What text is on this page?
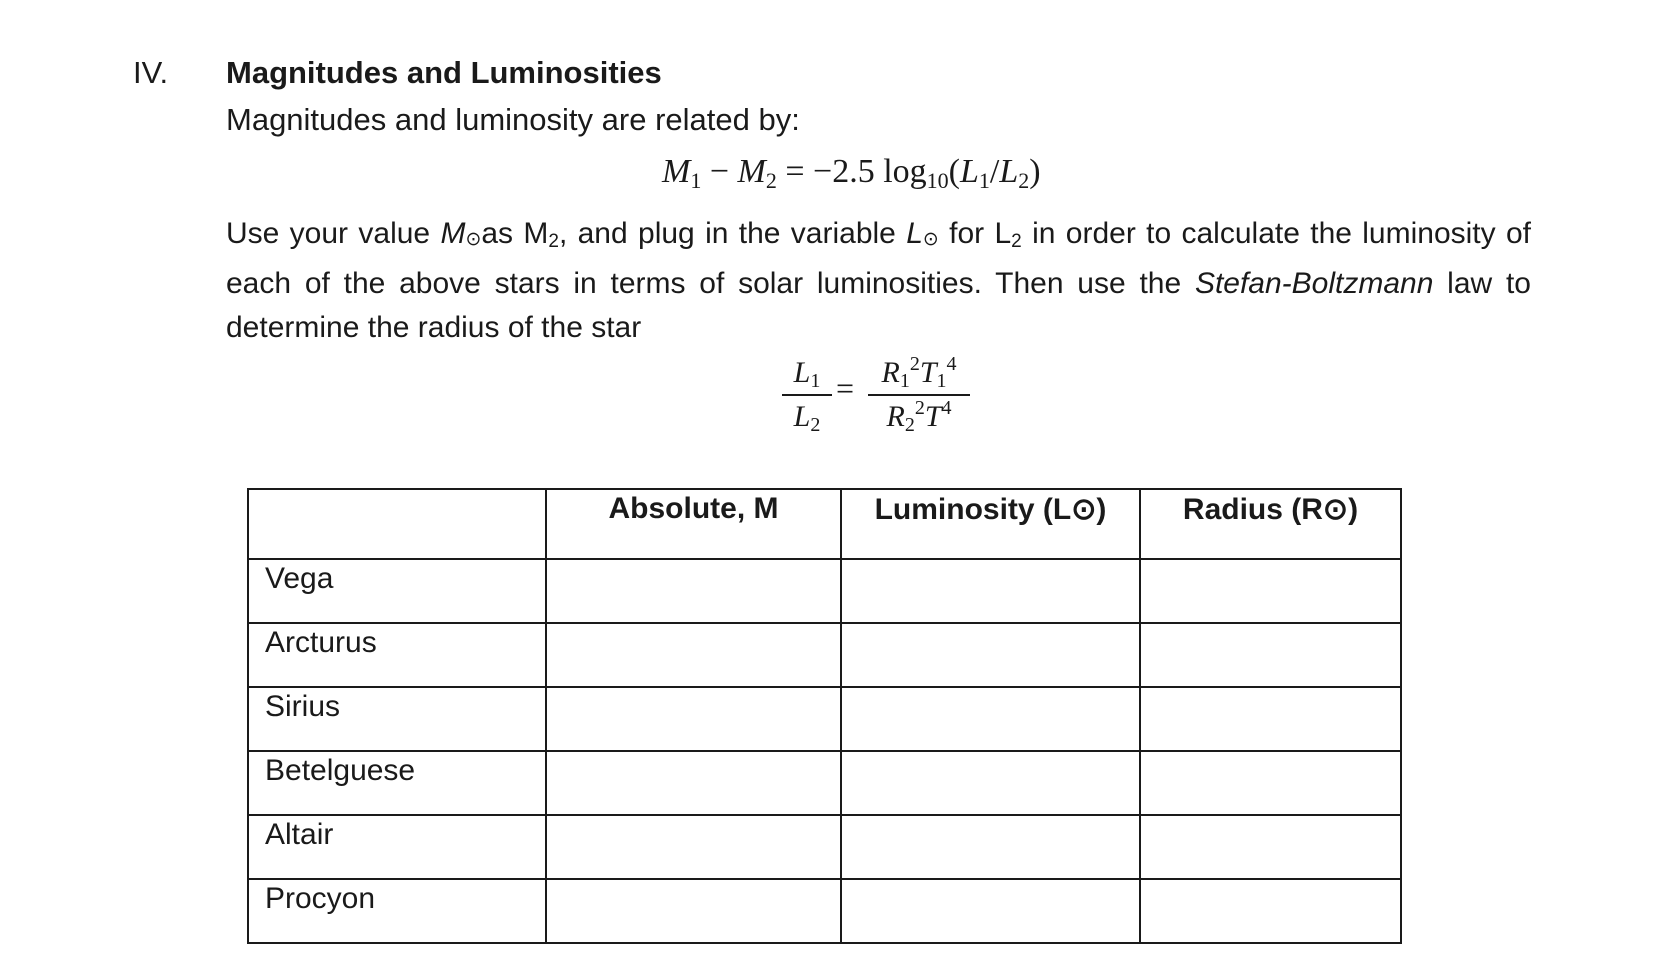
IV. Magnitudes and Luminosities
Magnitudes and luminosity are related by:
$M_1 - M_2 = -2.5$ $\log_{10}(L_1/L_2)$
Use your value M⊙as $M_2$, and plug in the variable L⊙ for $L_2$ in order to calculate the luminosity of each of the above stars in terms of solar luminosities. Then use the Stefan-Boltzmann law to determine the radius of the star
$L_1$
$L_2$
= $R_1^2T_1^4$
$R_2^2T^4$
	Absolute, M	Luminosity (L⊙)	Radius (R⊙)
Vega			
Arcturus			
Sirius			
Betelguese			
Altair			
Procyon			
